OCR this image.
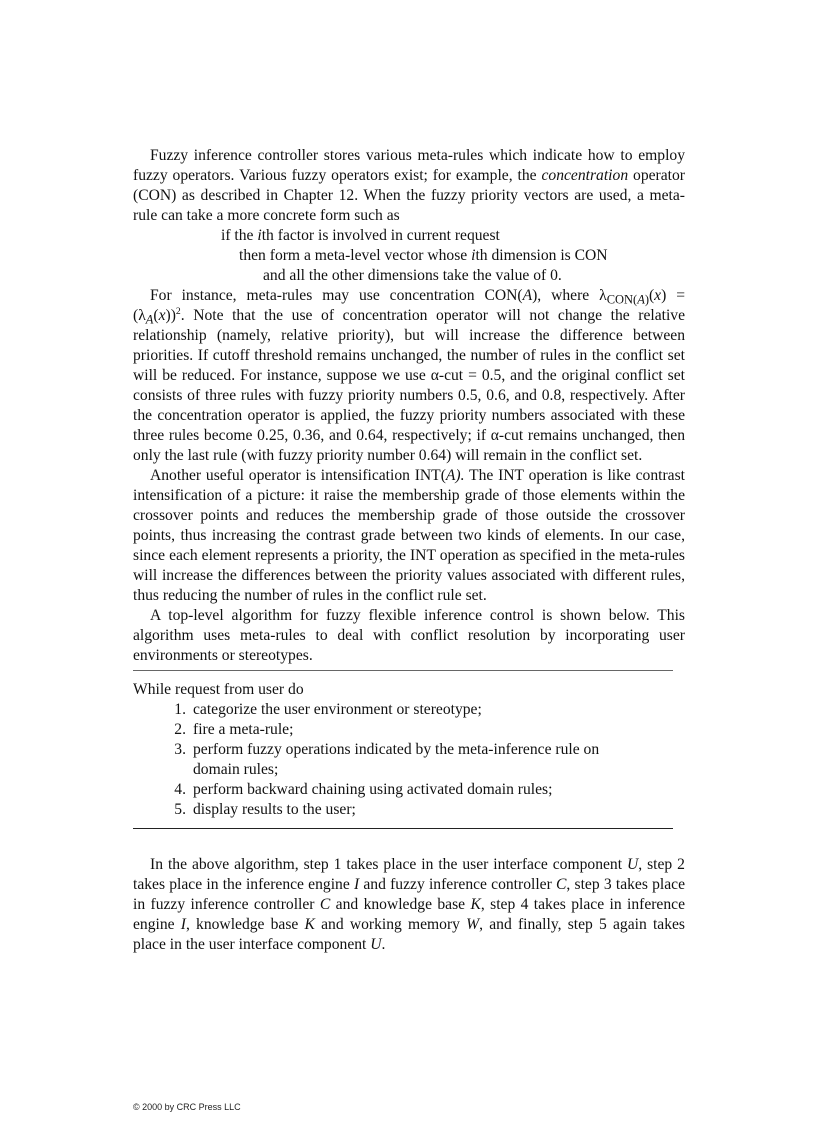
Fuzzy inference controller stores various meta-rules which indicate how to employ fuzzy operators. Various fuzzy operators exist; for example, the concentration operator (CON) as described in Chapter 12. When the fuzzy priority vectors are used, a meta-rule can take a more concrete form such as

if the ith factor is involved in current request

then form a meta-level vector whose ith dimension is CON

and all the other dimensions take the value of 0.

For instance, meta-rules may use concentration CON(A), where $\lambda_{CON(A)}(x) = (\lambda_A(x))^2$. Note that the use of concentration operator will not change the relative relationship (namely, relative priority), but will increase the difference between priorities. If cutoff threshold remains unchanged, the number of rules in the conflict set will be reduced. For instance, suppose we use α-cut = 0.5, and the original conflict set consists of three rules with fuzzy priority numbers 0.5, 0.6, and 0.8, respectively. After the concentration operator is applied, the fuzzy priority numbers associated with these three rules become 0.25, 0.36, and 0.64, respectively; if α-cut remains unchanged, then only the last rule (with fuzzy priority number 0.64) will remain in the conflict set.

Another useful operator is intensification INT(A). The INT operation is like contrast intensification of a picture: it raise the membership grade of those elements within the crossover points and reduces the membership grade of those outside the crossover points, thus increasing the contrast grade between two kinds of elements. In our case, since each element represents a priority, the INT operation as specified in the meta-rules will increase the differences between the priority values associated with different rules, thus reducing the number of rules in the conflict rule set.

A top-level algorithm for fuzzy flexible inference control is shown below. This algorithm uses meta-rules to deal with conflict resolution by incorporating user environments or stereotypes.

While request from user do

1. categorize the user environment or stereotype;
2. fire a meta-rule;
3. perform fuzzy operations indicated by the meta-inference rule on domain rules;
4. perform backward chaining using activated domain rules;
5. display results to the user;

In the above algorithm, step 1 takes place in the user interface component U, step 2 takes place in the inference engine I and fuzzy inference controller C, step 3 takes place in fuzzy inference controller C and knowledge base K, step 4 takes place in inference engine I, knowledge base K and working memory W, and finally, step 5 again takes place in the user interface component U.

© 2000 by CRC Press LLC
